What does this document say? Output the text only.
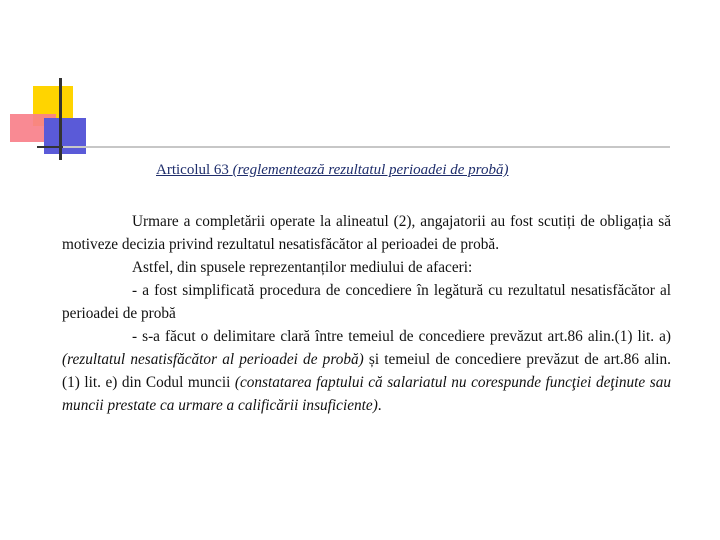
Articolul 63 (reglementează rezultatul perioadei de probă)

Urmare a completării operate la alineatul (2), angajatorii au fost scutiți de obligația să motiveze decizia privind rezultatul nesatisfăcător al perioadei de probă.

Astfel, din spusele reprezentanților mediului de afaceri:

- a fost simplificată procedura de concediere în legătură cu rezultatul nesatisfăcător al perioadei de probă

- s-a făcut o delimitare clară între temeiul de concediere prevăzut art.86 alin.(1) lit. a) (rezultatul nesatisfăcător al perioadei de probă) și temeiul de concediere prevăzut de art.86 alin.(1) lit. e) din Codul muncii (constatarea faptului că salariatul nu corespunde funcţiei deţinute sau muncii prestate ca urmare a calificării insuficiente).
